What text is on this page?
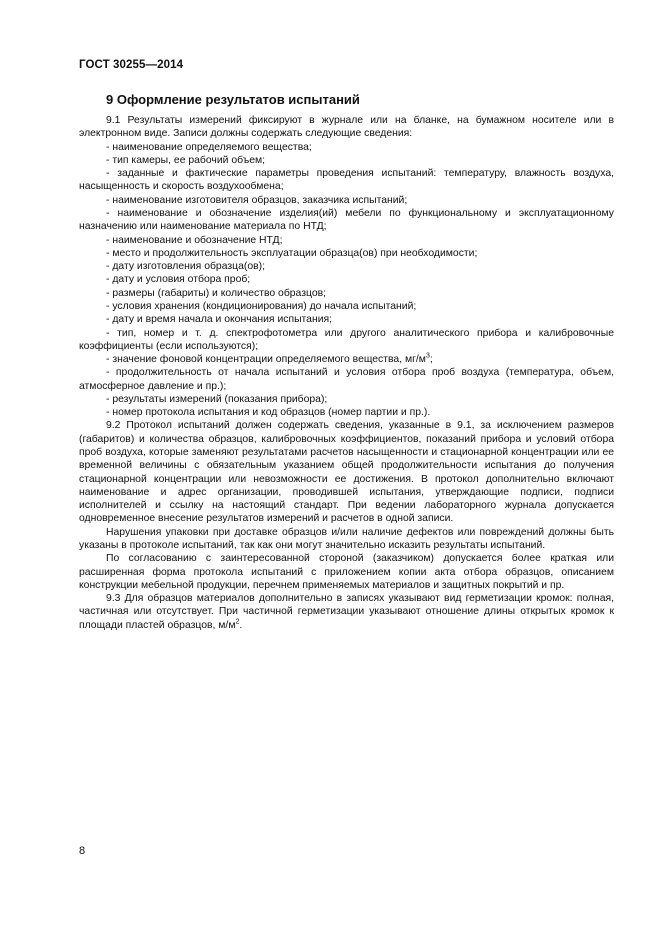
ГОСТ 30255—2014
9 Оформление результатов испытаний

9.1 Результаты измерений фиксируют в журнале или на бланке, на бумажном носителе или в электронном виде. Записи должны содержать следующие сведения:

- наименование определяемого вещества;

- тип камеры, ее рабочий объем;

- заданные и фактические параметры проведения испытаний: температуру, влажность воздуха, насыщенность и скорость воздухообмена;

- наименование изготовителя образцов, заказчика испытаний;

- наименование и обозначение изделия(ий) мебели по функциональному и эксплуатационному назначению или наименование материала по НТД;

- наименование и обозначение НТД;

- место и продолжительность эксплуатации образца(ов) при необходимости;

- дату изготовления образца(ов);

- дату и условия отбора проб;

- размеры (габариты) и количество образцов;

- условия хранения (кондиционирования) до начала испытаний;

- дату и время начала и окончания испытания;

- тип, номер и т. д. спектрофотометра или другого аналитического прибора и калибровочные коэффициенты (если используются);

- значение фоновой концентрации определяемого вещества, $мг/м^3$;

- продолжительность от начала испытаний и условия отбора проб воздуха (температура, объем, атмосферное давление и пр.);

- результаты измерений (показания прибора);

- номер протокола испытания и код образцов (номер партии и пр.).

9.2 Протокол испытаний должен содержать сведения, указанные в 9.1, за исключением размеров (габаритов) и количества образцов, калибровочных коэффициентов, показаний прибора и условий отбора проб воздуха, которые заменяют результатами расчетов насыщенности и стационарной концентрации или ее временной величины с обязательным указанием общей продолжительности испытания до получения стационарной концентрации или невозможности ее достижения. В протокол дополнительно включают наименование и адрес организации, проводившей испытания, утверждающие подписи, подписи исполнителей и ссылку на настоящий стандарт. При ведении лабораторного журнала допускается одновременное внесение результатов измерений и расчетов в одной записи.

Нарушения упаковки при доставке образцов и/или наличие дефектов или повреждений должны быть указаны в протоколе испытаний, так как они могут значительно исказить результаты испытаний.

По согласованию с заинтересованной стороной (заказчиком) допускается более краткая или расширенная форма протокола испытаний с приложением копии акта отбора образцов, описанием конструкции мебельной продукции, перечнем применяемых материалов и защитных покрытий и пр.

9.3 Для образцов материалов дополнительно в записях указывают вид герметизации кромок: полная, частичная или отсутствует. При частичной герметизации указывают отношение длины открытых кромок к площади пластей образцов, $м/м^2$.

8
